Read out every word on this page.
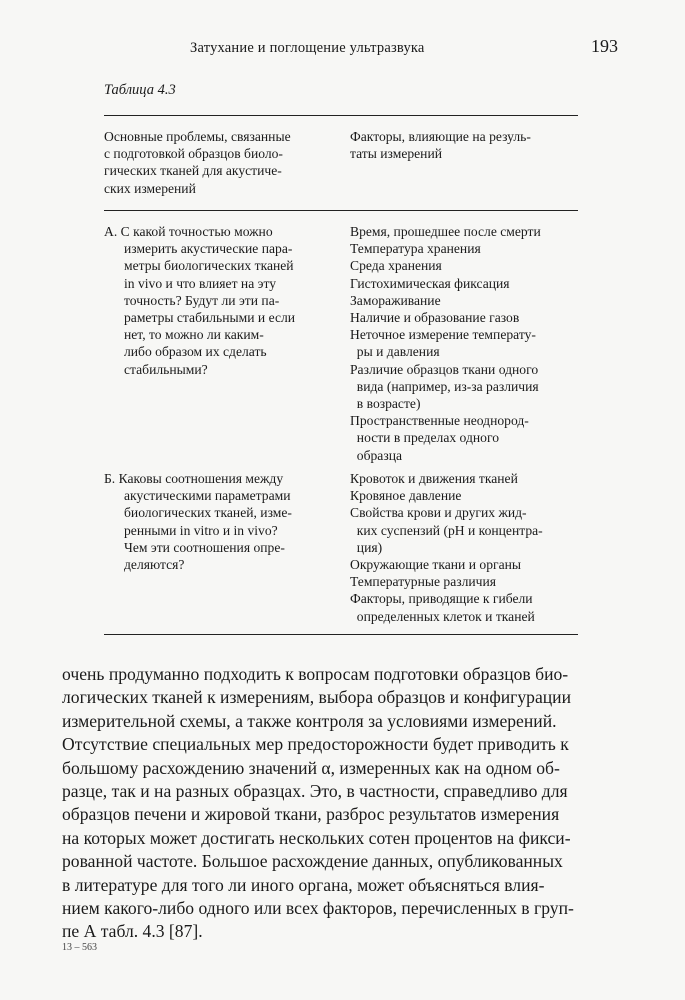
Затухание и поглощение ультразвука	193
Таблица 4.3
Основные проблемы, связанные
с подготовкой образцов биоло-
гических тканей для акустиче-
ских измерений
Факторы, влияющие на резуль-
таты измерений
А. С какой точностью можно
измерить акустические пара-
метры биологических тканей
in vivo и что влияет на эту
точность? Будут ли эти па-
раметры стабильными и если
нет, то можно ли каким-
либо образом их сделать
стабильными?
Время, прошедшее после смерти
Температура хранения
Среда хранения
Гистохимическая фиксация
Замораживание
Наличие и образование газов
Неточное измерение температу-
ры и давления
Различие образцов ткани одного
вида (например, из-за различия
в возрасте)
Пространственные неоднород-
ности в пределах одного
образца
Б. Каковы соотношения между
акустическими параметрами
биологических тканей, изме-
ренными in vitro и in vivo?
Чем эти соотношения опре-
деляются?
Кровоток и движения тканей
Кровяное давление
Свойства крови и других жид-
ких суспензий (pH и концентра-
ция)
Окружающие ткани и органы
Температурные различия
Факторы, приводящие к гибели
определенных клеток и тканей
очень продуманно подходить к вопросам подготовки образцов био-
логических тканей к измерениям, выбора образцов и конфигурации
измерительной схемы, а также контроля за условиями измерений.
Отсутствие специальных мер предосторожности будет приводить к
большому расхождению значений α, измеренных как на одном об-
разце, так и на разных образцах. Это, в частности, справедливо для
образцов печени и жировой ткани, разброс результатов измерения
на которых может достигать нескольких сотен процентов на фикси-
рованной частоте. Большое расхождение данных, опубликованных
в литературе для того ли иного органа, может объясняться влия-
нием какого-либо одного или всех факторов, перечисленных в груп-
пе А табл. 4.3 [87].
13 – 563
